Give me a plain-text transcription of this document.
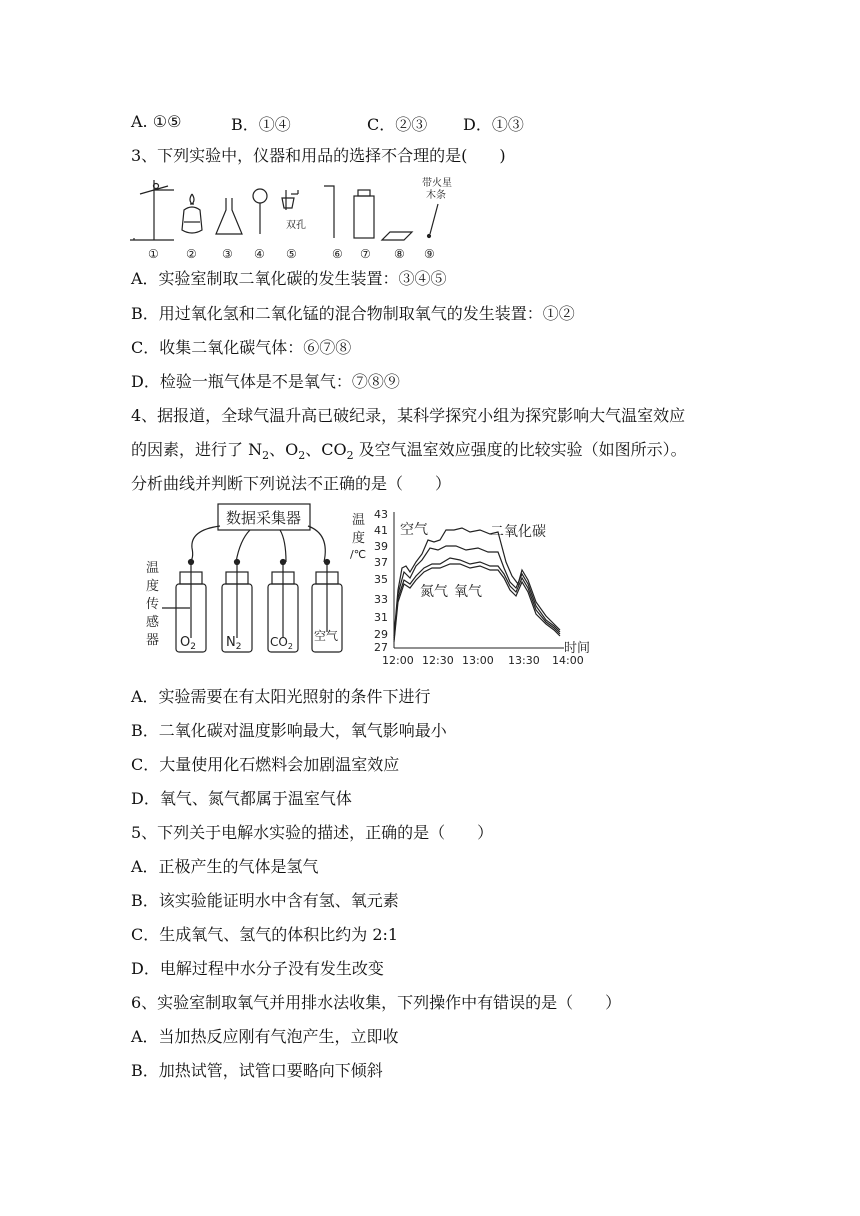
A. ①⑤	B．①④	C．②③ D．①③
3、下列实验中，仪器和用品的选择不合理的是(　　)
双孔
带火星
木条
① ② ③ ④ ⑤	⑥ ⑦ ⑧ ⑨
A．实验室制取二氧化碳的发生装置：③④⑤
B．用过氧化氢和二氧化锰的混合物制取氧气的发生装置：①②
C．收集二氧化碳气体：⑥⑦⑧
D．检验一瓶气体是不是氧气：⑦⑧⑨
4、据报道，全球气温升高已破纪录，某科学探究小组为探究影响大气温室效应
的因素，进行了 $N_2$、$O_2$、$CO_2$ 及空气温室效应强度的比较实验（如图所示）。
分析曲线并判断下列说法不正确的是（　　）
数据采集器
$O_2$ $N_2$ $CO_2$
空气
温
度
传
感
器
温
度
/℃
43
41
39
37
35
33
31
29
27
12:00 12:30 13:00 13:30 14:00
时间
空气	二氧化碳
氮气 氧气
A．实验需要在有太阳光照射的条件下进行
B．二氧化碳对温度影响最大，氧气影响最小
C．大量使用化石燃料会加剧温室效应
D．氧气、氮气都属于温室气体
5、下列关于电解水实验的描述，正确的是（　　）
A．正极产生的气体是氢气
B．该实验能证明水中含有氢、氧元素
C．生成氧气、氢气的体积比约为 2:1
D．电解过程中水分子没有发生改变
6、实验室制取氧气并用排水法收集，下列操作中有错误的是（　　）
A．当加热反应刚有气泡产生，立即收
B．加热试管，试管口要略向下倾斜
